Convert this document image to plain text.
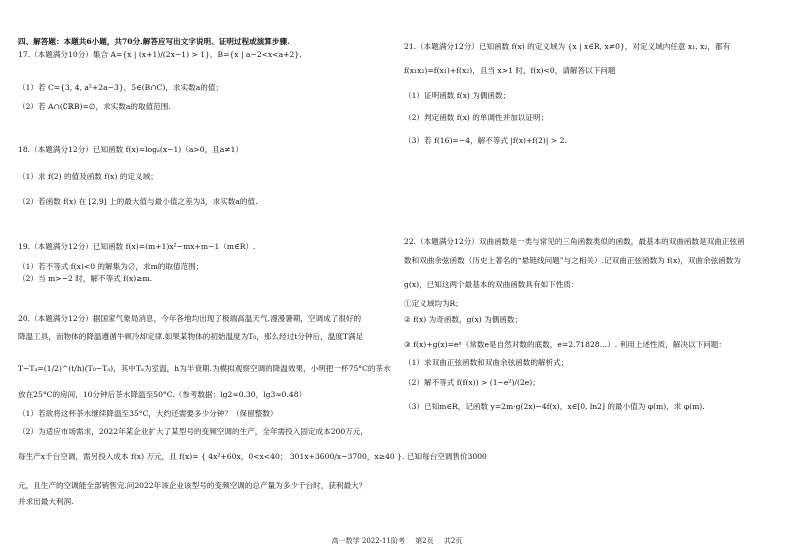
四、解答题：本题共6小题，共70分.解答应写出文字说明、证明过程或演算步骤.
17.（本题满分10分）集合 A={x | (x+1)/(2x−1) > 1}，B={x | a−2<x<a+2}.
（1）若 C={3, 4, a²+2a−3}，5∈(B∩C)，求实数a的值；
（2）若 A∩(∁ℝB)=∅，求实数a的取值范围.
18.（本题满分12分）已知函数 f(x)=logₐ(x−1)（a>0，且a≠1）
（1）求 f(2) 的值及函数 f(x) 的定义域；
（2）若函数 f(x) 在 [2,9] 上的最大值与最小值之差为3，求实数a的值.
19.（本题满分12分）已知函数 f(x)=(m+1)x²−mx+m−1（m∈R）.
（1）若不等式 f(x)<0 的解集为∅，求m的取值范围；
（2）当 m>−2 时，解不等式 f(x)≥m.
20.（本题满分12分）据国家气象局消息，今年各地均出现了极端高温天气.漫漫暑期，空调成了很好的
降温工具，而物体的降温遵循牛顿冷却定律.如果某物体的初始温度为T₀，那么经过t分钟后，温度T满足
T−Tₐ=(1/2)^(t/h)(T₀−Tₐ)，其中Tₐ为室温，h为半衰期.为模拟观察空调的降温效果，小明把一杯75°C的茶水
放在25°C的房间，10分钟后茶水降温至50°C.（参考数据：lg2≈0.30，lg3≈0.48）
（1）若欲将这杯茶水继续降温至35°C，大约还需要多少分钟？（保留整数）
（2）为适应市场需求，2022年某企业扩大了某型号的变频空调的生产，全年需投入固定成本200万元，
每生产x千台空调，需另投入成本 f(x) 万元，且 f(x)= { 4x²+60x，0<x<40； 301x+3600/x−3700，x≥40 }. 已知每台空调售价3000
元，且生产的空调能全部销售完.问2022年该企业该型号的变频空调的总产量为多少千台时，获利最大？
并求出最大利润.
21.（本题满分12分）已知函数 f(x) 的定义域为 {x | x∈R, x≠0}，对定义域内任意 x₁, x₂，都有
f(x₁x₂)=f(x₁)+f(x₂)，且当 x>1 时，f(x)<0，请解答以下问题
（1）证明函数 f(x) 为偶函数；
（2）判定函数 f(x) 的单调性并加以证明；
（3）若 f(16)=−4，解不等式 |f(x)+f(2)| > 2.
22.（本题满分12分）双曲函数是一类与常见的三角函数类似的函数，最基本的双曲函数是双曲正弦函
数和双曲余弦函数（历史上著名的“悬链线问题”与之相关）.记双曲正弦函数为 f(x)，双曲余弦函数为
g(x)，已知这两个最基本的双曲函数具有如下性质：
①定义域均为R；
② f(x) 为奇函数，g(x) 为偶函数；
③ f(x)+g(x)=eˣ（常数e是自然对数的底数，e=2.71828…）. 利用上述性质，解决以下问题：
（1）求双曲正弦函数和双曲余弦函数的解析式；
（2）解不等式 f(f(x)) > (1−e²)/(2e)；
（3）已知m∈R，记函数 y=2m·g(2x)−4f(x)，x∈[0, ln2] 的最小值为 φ(m)，求 φ(m).
高一数学 2022-11阶考 第2页 共2页
